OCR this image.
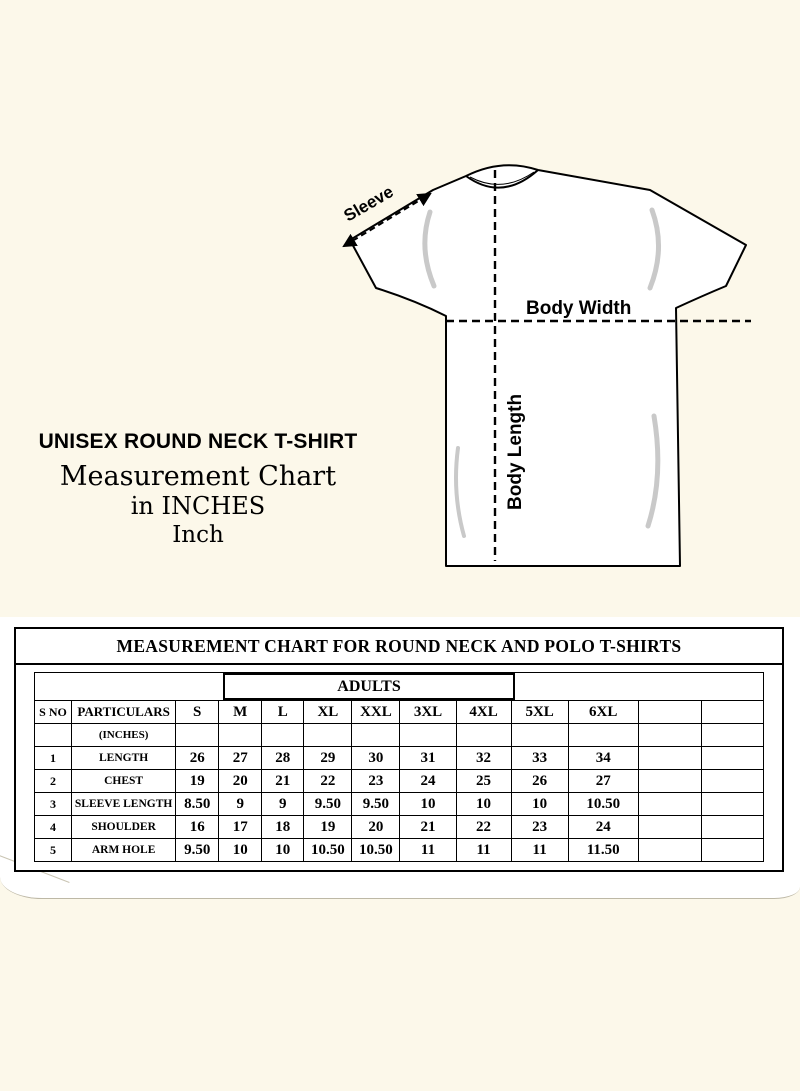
Sleeve
Body Width
Body Length
UNISEX ROUND NECK T-SHIRT
Measurement Chart
in INCHES
Inch
MEASUREMENT CHART FOR ROUND NECK AND POLO T-SHIRTS
ADULTS												

S NO	PARTICULARS	S	M	L	XL	XXL	3XL	4XL	5XL	6XL		
	(INCHES)											
1	LENGTH	26	27	28	29	30	31	32	33	34		
2	CHEST	19	20	21	22	23	24	25	26	27		
3	SLEEVE LENGTH	8.50	9	9	9.50	9.50	10	10	10	10.50		
4	SHOULDER	16	17	18	19	20	21	22	23	24		
5	ARM HOLE	9.50	10	10	10.50	10.50	11	11	11	11.50		
